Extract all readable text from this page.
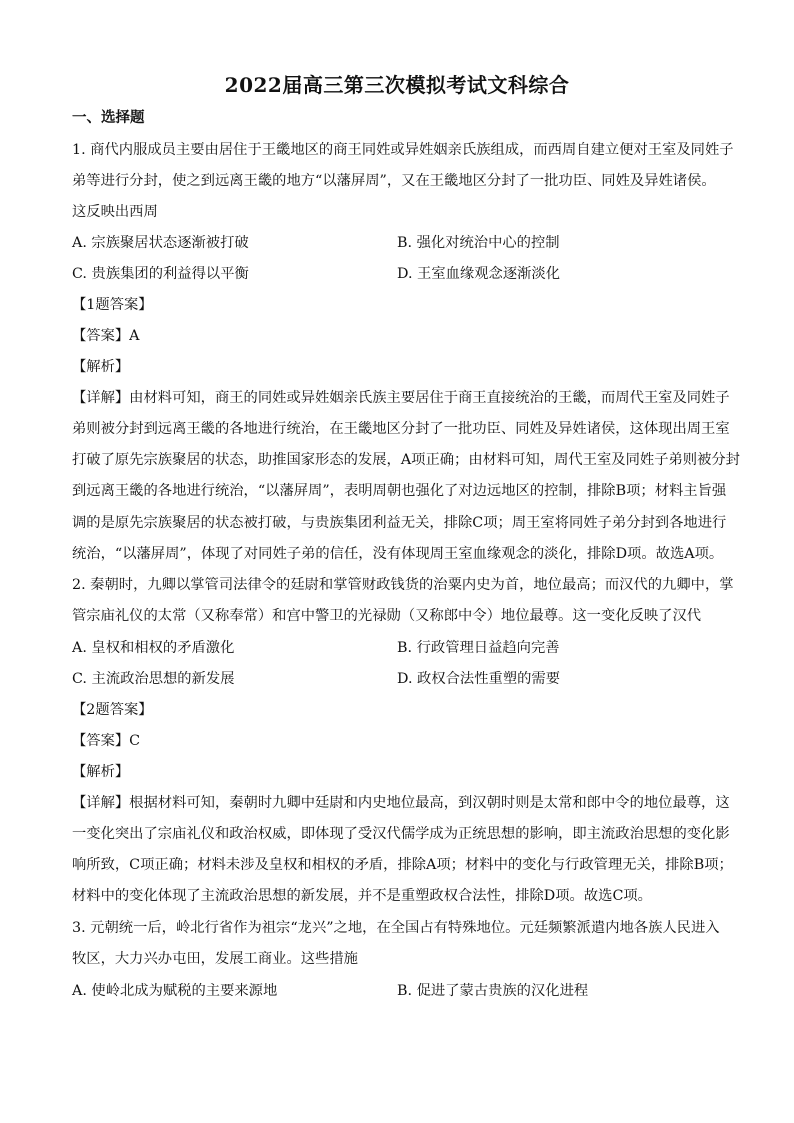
2022届高三第三次模拟考试文科综合
一、选择题
1. 商代内服成员主要由居住于王畿地区的商王同姓或异姓姻亲氏族组成，而西周自建立便对王室及同姓子
弟等进行分封，使之到远离王畿的地方“以藩屏周”，又在王畿地区分封了一批功臣、同姓及异姓诸侯。
这反映出西周
A. 宗族聚居状态逐渐被打破	B. 强化对统治中心的控制
C. 贵族集团的利益得以平衡	D. 王室血缘观念逐渐淡化
【1题答案】
【答案】A
【解析】
【详解】由材料可知，商王的同姓或异姓姻亲氏族主要居住于商王直接统治的王畿，而周代王室及同姓子
弟则被分封到远离王畿的各地进行统治，在王畿地区分封了一批功臣、同姓及异姓诸侯，这体现出周王室
打破了原先宗族聚居的状态，助推国家形态的发展，A项正确；由材料可知，周代王室及同姓子弟则被分封
到远离王畿的各地进行统治，“以藩屏周”，表明周朝也强化了对边远地区的控制，排除B项；材料主旨强
调的是原先宗族聚居的状态被打破，与贵族集团利益无关，排除C项；周王室将同姓子弟分封到各地进行
统治，“以藩屏周”，体现了对同姓子弟的信任，没有体现周王室血缘观念的淡化，排除D项。故选A项。
2. 秦朝时，九卿以掌管司法律令的廷尉和掌管财政钱货的治粟内史为首，地位最高；而汉代的九卿中，掌
管宗庙礼仪的太常（又称奉常）和宫中警卫的光禄勋（又称郎中令）地位最尊。这一变化反映了汉代
A. 皇权和相权的矛盾激化	B. 行政管理日益趋向完善
C. 主流政治思想的新发展	D. 政权合法性重塑的需要
【2题答案】
【答案】C
【解析】
【详解】根据材料可知，秦朝时九卿中廷尉和内史地位最高，到汉朝时则是太常和郎中令的地位最尊，这
一变化突出了宗庙礼仪和政治权威，即体现了受汉代儒学成为正统思想的影响，即主流政治思想的变化影
响所致，C项正确；材料未涉及皇权和相权的矛盾，排除A项；材料中的变化与行政管理无关，排除B项；
材料中的变化体现了主流政治思想的新发展，并不是重塑政权合法性，排除D项。故选C项。
3. 元朝统一后，岭北行省作为祖宗“龙兴”之地，在全国占有特殊地位。元廷频繁派遣内地各族人民进入
牧区，大力兴办屯田，发展工商业。这些措施
A. 使岭北成为赋税的主要来源地	B. 促进了蒙古贵族的汉化进程
